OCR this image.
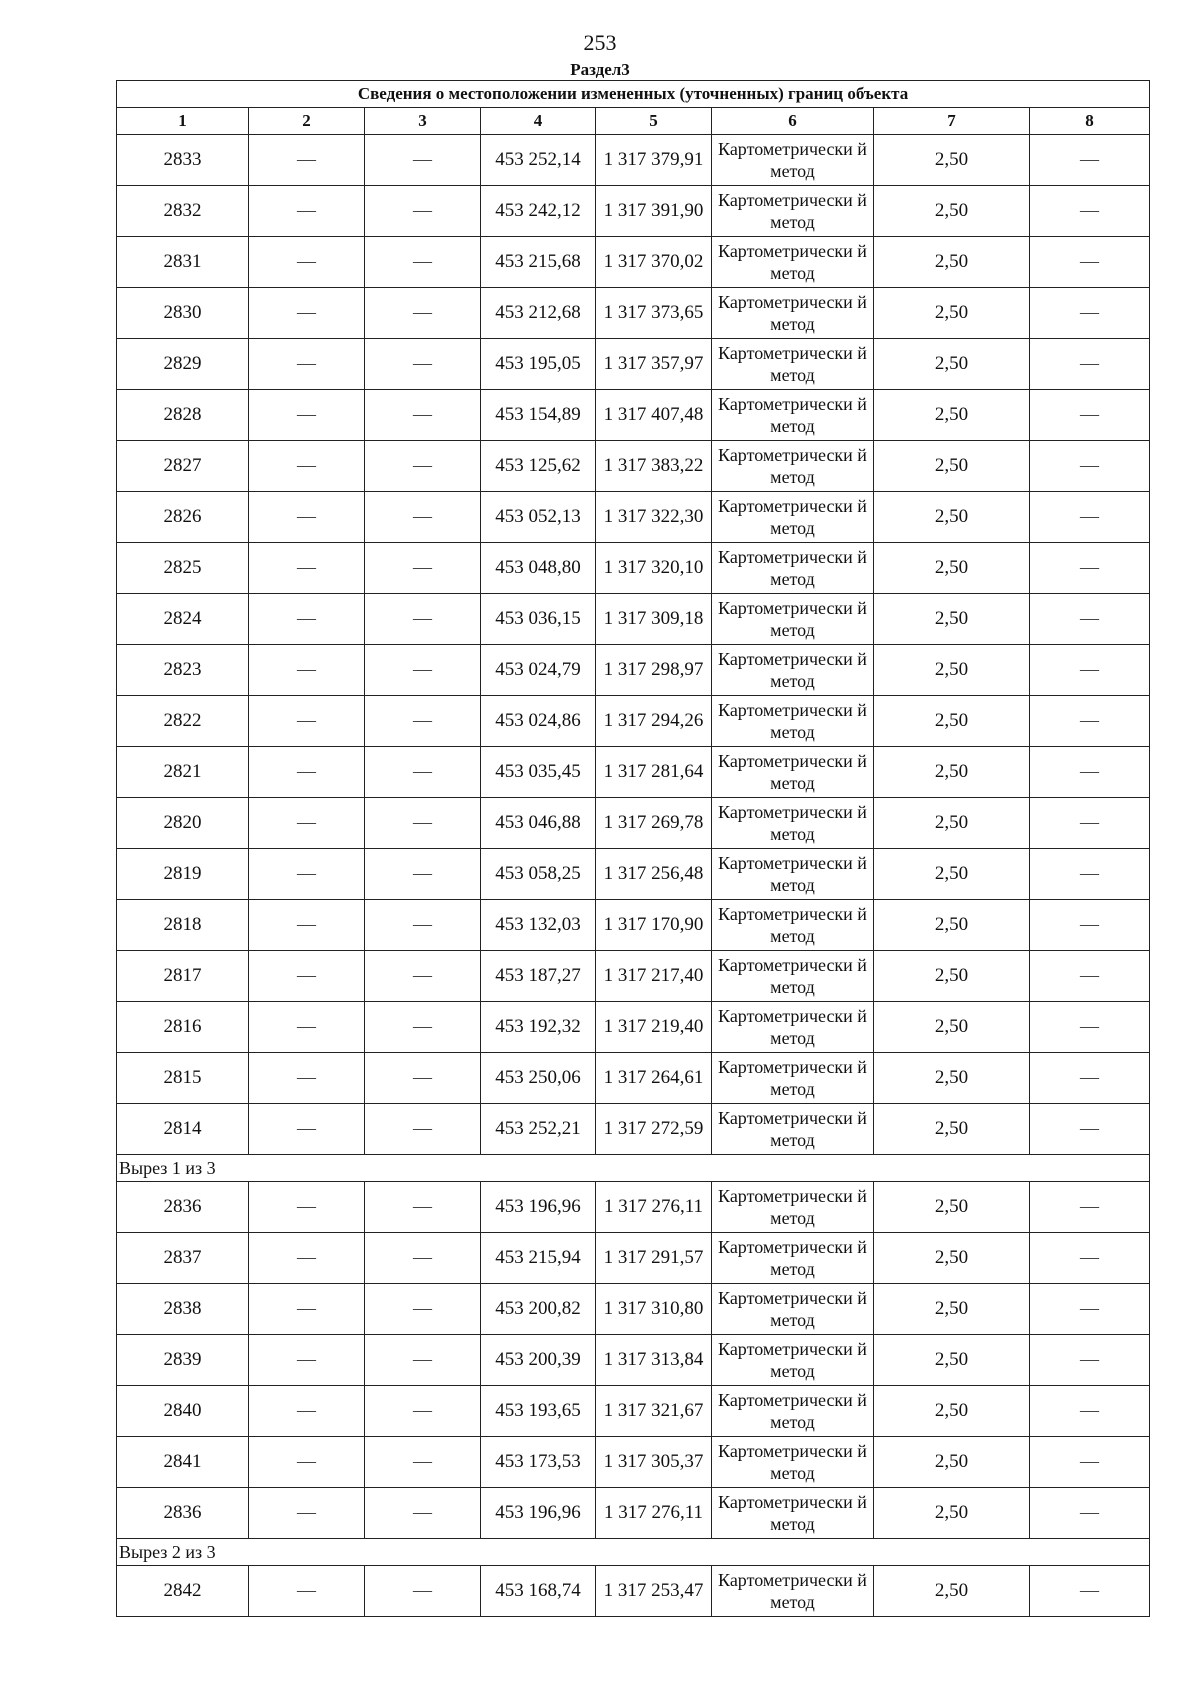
253
Раздел3
Сведения о местоположении измененных (уточненных) границ объекта							
1	2	3	4	5	6	7	8
2833	—	—	453 252,14	1 317 379,91	Картометрически й метод	2,50	—
2832	—	—	453 242,12	1 317 391,90	Картометрически й метод	2,50	—
2831	—	—	453 215,68	1 317 370,02	Картометрически й метод	2,50	—
2830	—	—	453 212,68	1 317 373,65	Картометрически й метод	2,50	—
2829	—	—	453 195,05	1 317 357,97	Картометрически й метод	2,50	—
2828	—	—	453 154,89	1 317 407,48	Картометрически й метод	2,50	—
2827	—	—	453 125,62	1 317 383,22	Картометрически й метод	2,50	—
2826	—	—	453 052,13	1 317 322,30	Картометрически й метод	2,50	—
2825	—	—	453 048,80	1 317 320,10	Картометрически й метод	2,50	—
2824	—	—	453 036,15	1 317 309,18	Картометрически й метод	2,50	—
2823	—	—	453 024,79	1 317 298,97	Картометрически й метод	2,50	—
2822	—	—	453 024,86	1 317 294,26	Картометрически й метод	2,50	—
2821	—	—	453 035,45	1 317 281,64	Картометрически й метод	2,50	—
2820	—	—	453 046,88	1 317 269,78	Картометрически й метод	2,50	—
2819	—	—	453 058,25	1 317 256,48	Картометрически й метод	2,50	—
2818	—	—	453 132,03	1 317 170,90	Картометрически й метод	2,50	—
2817	—	—	453 187,27	1 317 217,40	Картометрически й метод	2,50	—
2816	—	—	453 192,32	1 317 219,40	Картометрически й метод	2,50	—
2815	—	—	453 250,06	1 317 264,61	Картометрически й метод	2,50	—
2814	—	—	453 252,21	1 317 272,59	Картометрически й метод	2,50	—
Вырез 1 из 3							
2836	—	—	453 196,96	1 317 276,11	Картометрически й метод	2,50	—
2837	—	—	453 215,94	1 317 291,57	Картометрически й метод	2,50	—
2838	—	—	453 200,82	1 317 310,80	Картометрически й метод	2,50	—
2839	—	—	453 200,39	1 317 313,84	Картометрически й метод	2,50	—
2840	—	—	453 193,65	1 317 321,67	Картометрически й метод	2,50	—
2841	—	—	453 173,53	1 317 305,37	Картометрически й метод	2,50	—
2836	—	—	453 196,96	1 317 276,11	Картометрически й метод	2,50	—
Вырез 2 из 3							
2842	—	—	453 168,74	1 317 253,47	Картометрически й метод	2,50	—
